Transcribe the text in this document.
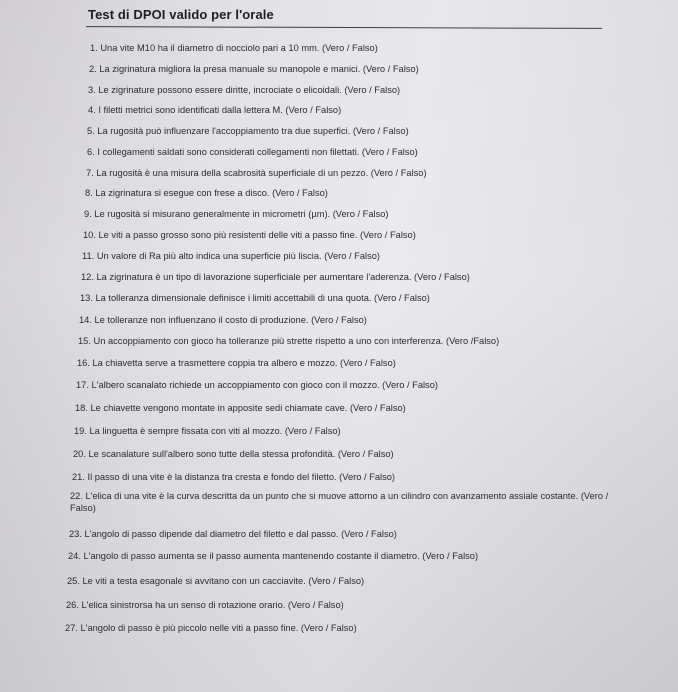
Test di DPOI valido per l'orale
1. Una vite M10 ha il diametro di nocciolo pari a 10 mm. (Vero / Falso)
2. La zigrinatura migliora la presa manuale su manopole e manici. (Vero / Falso)
3. Le zigrinature possono essere diritte, incrociate o elicoidali. (Vero / Falso)
4. I filetti metrici sono identificati dalla lettera M. (Vero / Falso)
5. La rugosità può influenzare l'accoppiamento tra due superfici. (Vero / Falso)
6. I collegamenti saldati sono considerati collegamenti non filettati. (Vero / Falso)
7. La rugosità è una misura della scabrosità superficiale di un pezzo. (Vero / Falso)
8. La zigrinatura si esegue con frese a disco. (Vero / Falso)
9. Le rugosità si misurano generalmente in micrometri (µm). (Vero / Falso)
10. Le viti a passo grosso sono più resistenti delle viti a passo fine. (Vero / Falso)
11. Un valore di Ra più alto indica una superficie più liscia. (Vero / Falso)
12. La zigrinatura è un tipo di lavorazione superficiale per aumentare l'aderenza. (Vero / Falso)
13. La tolleranza dimensionale definisce i limiti accettabili di una quota. (Vero / Falso)
14. Le tolleranze non influenzano il costo di produzione. (Vero / Falso)
15. Un accoppiamento con gioco ha tolleranze più strette rispetto a uno con interferenza. (Vero /Falso)
16. La chiavetta serve a trasmettere coppia tra albero e mozzo. (Vero / Falso)
17. L'albero scanalato richiede un accoppiamento con gioco con il mozzo. (Vero / Falso)
18. Le chiavette vengono montate in apposite sedi chiamate cave. (Vero / Falso)
19. La linguetta è sempre fissata con viti al mozzo. (Vero / Falso)
20. Le scanalature sull'albero sono tutte della stessa profondità. (Vero / Falso)
21. Il passo di una vite è la distanza tra cresta e fondo del filetto. (Vero / Falso)
22. L'elica di una vite è la curva descritta da un punto che si muove attorno a un cilindro con avanzamento assiale costante. (Vero / Falso)
23. L'angolo di passo dipende dal diametro del filetto e dal passo. (Vero / Falso)
24. L'angolo di passo aumenta se il passo aumenta mantenendo costante il diametro. (Vero / Falso)
25. Le viti a testa esagonale si avvitano con un cacciavite. (Vero / Falso)
26. L'elica sinistrorsa ha un senso di rotazione orario. (Vero / Falso)
27. L'angolo di passo è più piccolo nelle viti a passo fine. (Vero / Falso)
